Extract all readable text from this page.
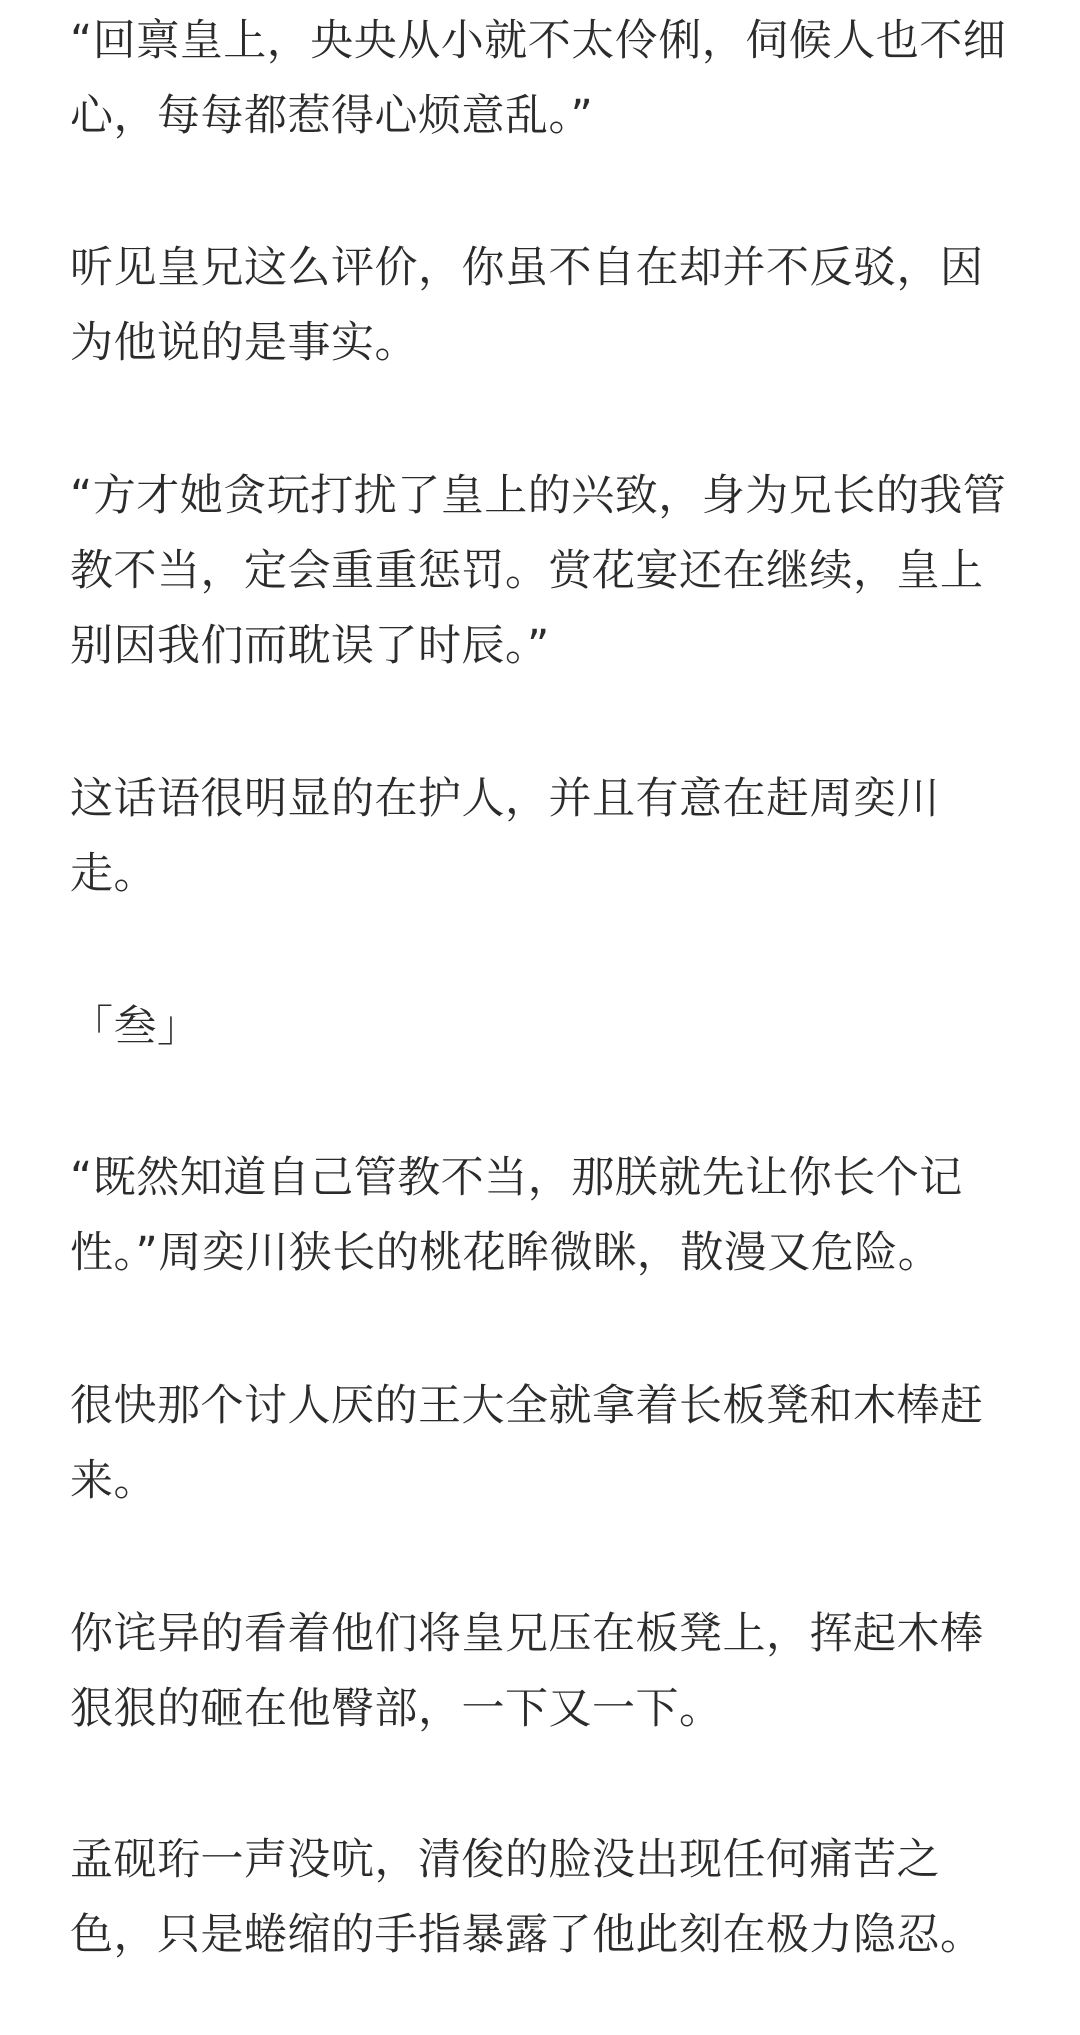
“回禀皇上，央央从小就不太伶俐，伺候人也不细心，每每都惹得心烦意乱。”

听见皇兄这么评价，你虽不自在却并不反驳，因为他说的是事实。

“方才她贪玩打扰了皇上的兴致，身为兄长的我管教不当，定会重重惩罚。赏花宴还在继续，皇上别因我们而耽误了时辰。”

这话语很明显的在护人，并且有意在赶周奕川走。

「叁」

“既然知道自己管教不当，那朕就先让你长个记性。”周奕川狭长的桃花眸微眯，散漫又危险。

很快那个讨人厌的王大全就拿着长板凳和木棒赶来。

你诧异的看着他们将皇兄压在板凳上，挥起木棒狠狠的砸在他臀部，一下又一下。

孟砚珩一声没吭，清俊的脸没出现任何痛苦之色，只是蜷缩的手指暴露了他此刻在极力隐忍。
